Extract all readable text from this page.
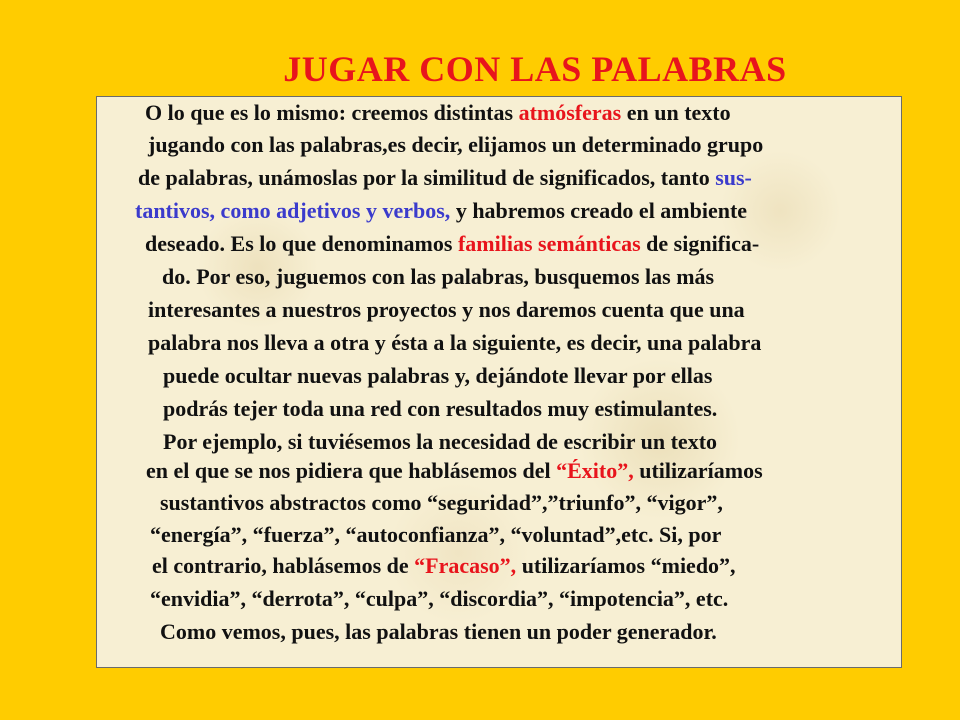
JUGAR CON LAS PALABRAS
O lo que es lo mismo: creemos distintas atmósferas en un texto
jugando con las palabras,es decir, elijamos un determinado grupo
de palabras, unámoslas por la similitud de significados, tanto sus-
tantivos, como adjetivos y verbos, y habremos creado el ambiente
deseado. Es lo que denominamos familias semánticas de significa-
do. Por eso, juguemos con las palabras, busquemos las más
interesantes a nuestros proyectos y nos daremos cuenta que una
palabra nos lleva a otra y ésta a la siguiente, es decir, una palabra
puede ocultar nuevas palabras y, dejándote llevar por ellas
podrás tejer toda una red con resultados muy estimulantes.
Por ejemplo, si tuviésemos la necesidad de escribir un texto
en el que se nos pidiera que hablásemos del “Éxito”, utilizaríamos
sustantivos abstractos como “seguridad”,”triunfo”, “vigor”,
“energía”, “fuerza”, “autoconfianza”, “voluntad”,etc. Si, por
el contrario, hablásemos de “Fracaso”, utilizaríamos “miedo”,
“envidia”, “derrota”, “culpa”, “discordia”, “impotencia”, etc.
Como vemos, pues, las palabras tienen un poder generador.
